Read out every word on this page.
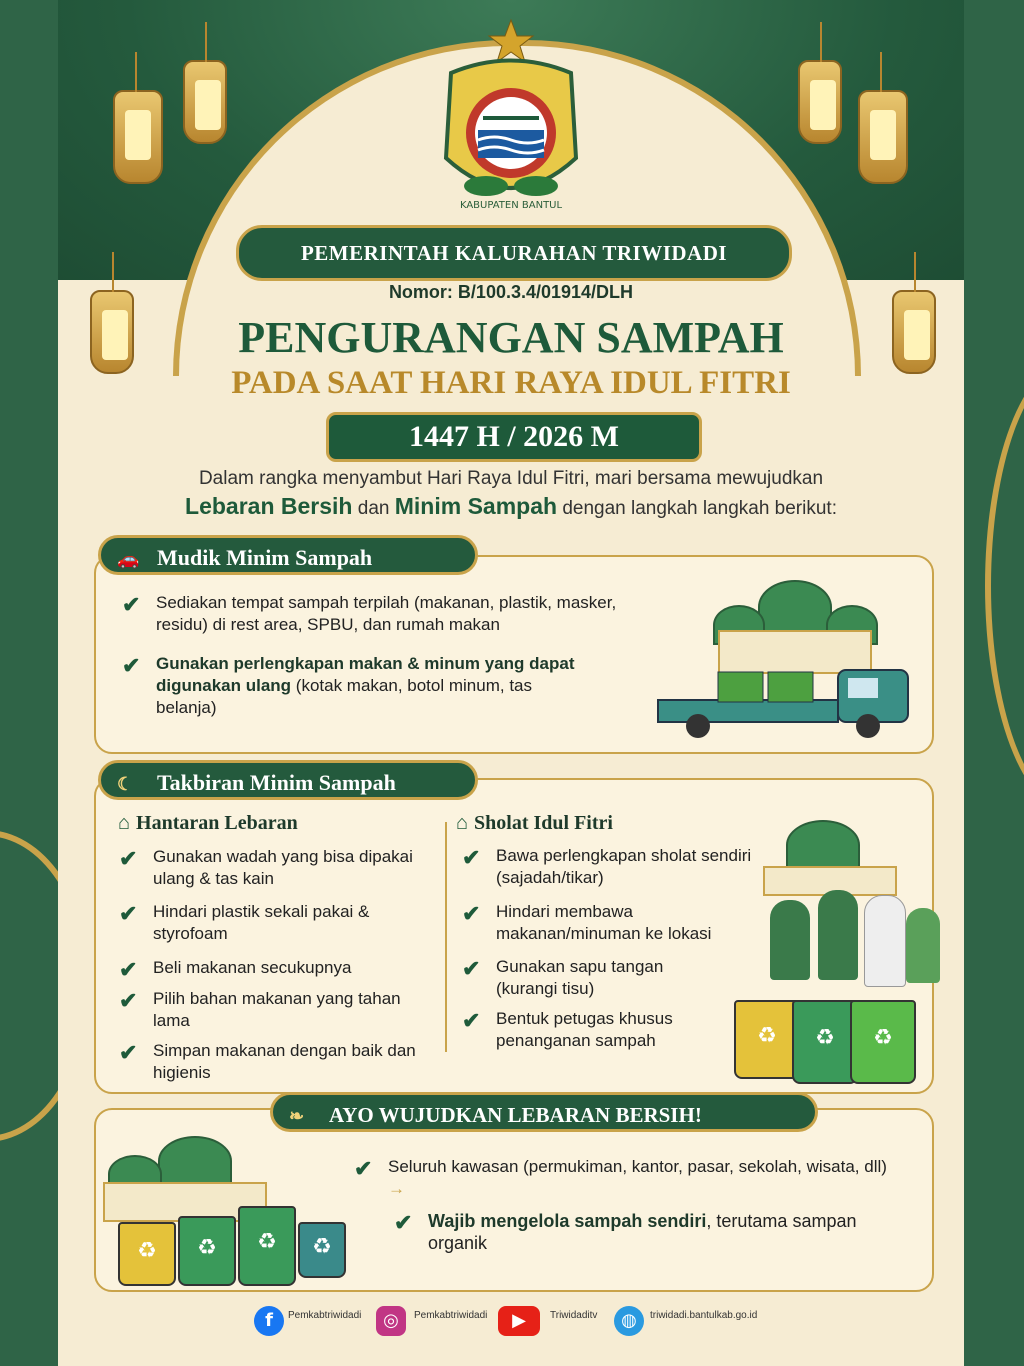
KABUPATEN BANTUL
PEMERINTAH KALURAHAN TRIWIDADI
Nomor: B/100.3.4/01914/DLH
PENGURANGAN SAMPAH
PADA SAAT HARI RAYA IDUL FITRI
1447 H / 2026 M
Dalam rangka menyambut Hari Raya Idul Fitri, mari bersama mewujudkan
Lebaran Bersih dan Minim Sampah dengan langkah langkah berikut:
🚗 Mudik Minim Sampah
✔ Sediakan tempat sampah terpilah (makanan, plastik, masker, residu) di rest area, SPBU, dan rumah makan
✔ Gunakan perlengkapan makan & minum yang dapat digunakan ulang (kotak makan, botol minum, tas belanja)
☾ Takbiran Minim Sampah
⌂ Hantaran Lebaran
✔ Gunakan wadah yang bisa dipakai ulang & tas kain
✔ Hindari plastik sekali pakai & styrofoam
✔ Beli makanan secukupnya
✔ Pilih bahan makanan yang tahan lama
✔ Simpan makanan dengan baik dan higienis
⌂ Sholat Idul Fitri
✔ Bawa perlengkapan sholat sendiri (sajadah/tikar)
✔ Hindari membawa makanan/minuman ke lokasi
✔ Gunakan sapu tangan (kurangi tisu)
✔ Bentuk petugas khusus penanganan sampah	♻ ♻ ♻
❧ AYO WUJUDKAN LEBARAN BERSIH!
✔ Seluruh kawasan (permukiman, kantor, pasar, sekolah, wisata, dll) →
✔ Wajib mengelola sampah sendiri, terutama sampan organik
♻ ♻ ♻ ♻
f	Pemkabtriwidadi	◎	Pemkabtriwidadi	▶	Triwidaditv	◍	triwidadi.bantulkab.go.id
